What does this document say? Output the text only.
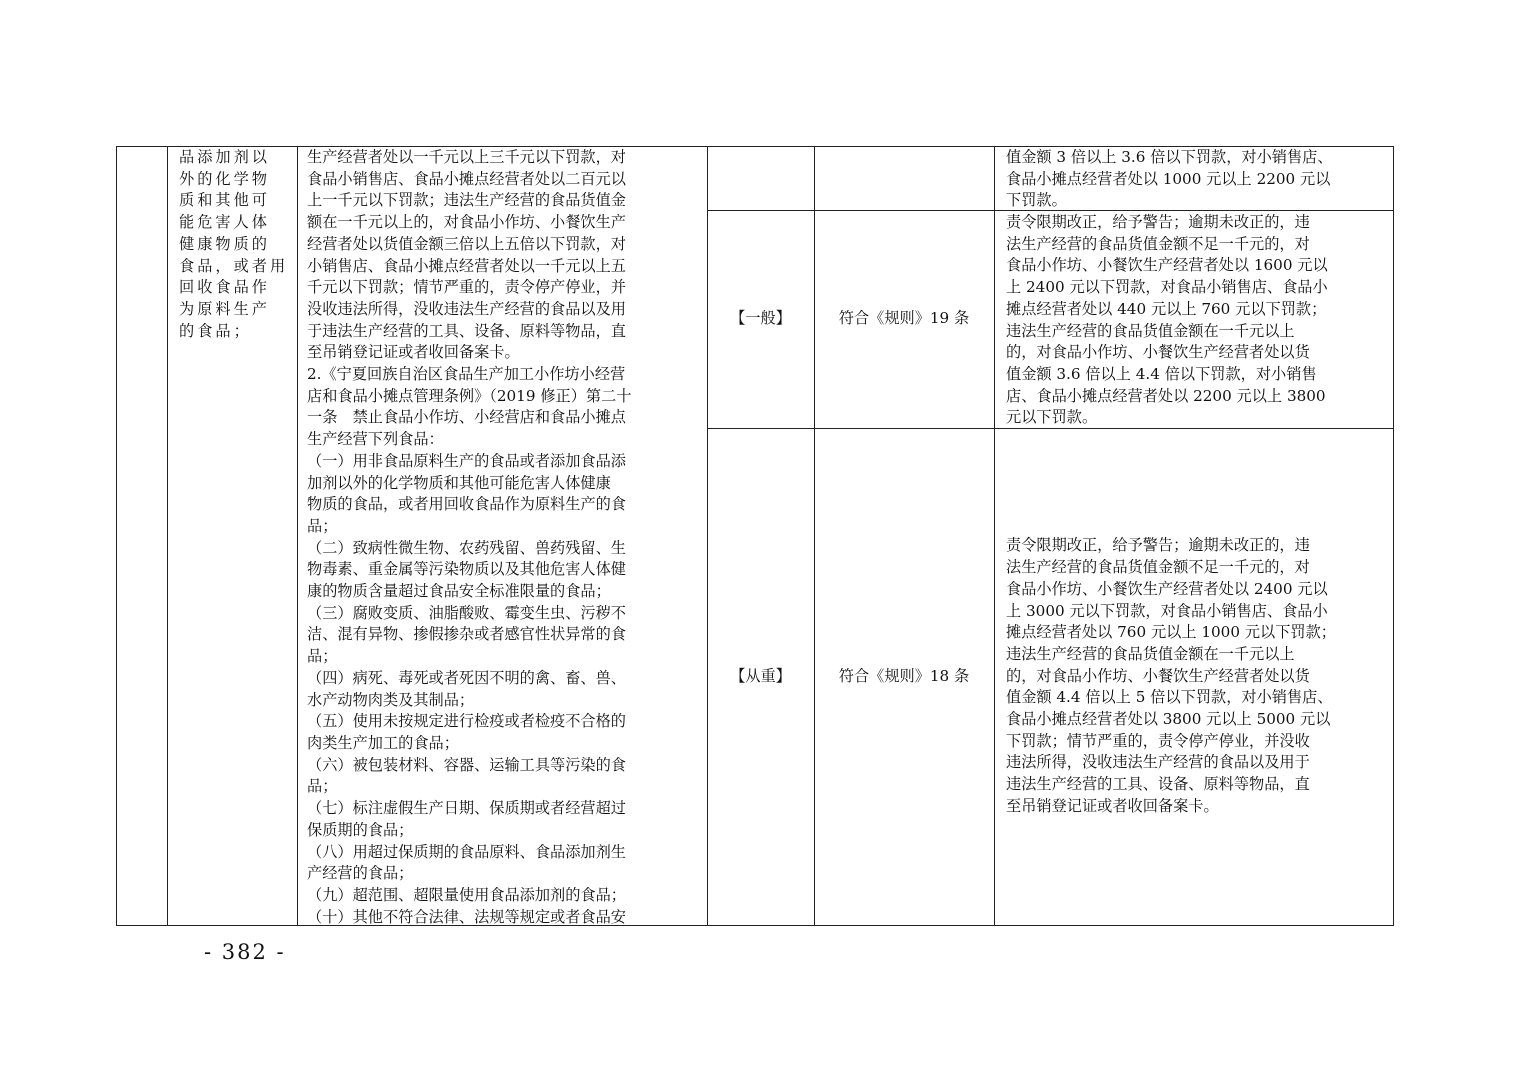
品添加剂以
外的化学物
质和其他可
能危害人体
健康物质的
食品，或者用
回收食品作
为原料生产
的食品；
生产经营者处以一千元以上三千元以下罚款，对
食品小销售店、食品小摊点经营者处以二百元以
上一千元以下罚款；违法生产经营的食品货值金
额在一千元以上的，对食品小作坊、小餐饮生产
经营者处以货值金额三倍以上五倍以下罚款，对
小销售店、食品小摊点经营者处以一千元以上五
千元以下罚款；情节严重的，责令停产停业，并
没收违法所得，没收违法生产经营的食品以及用
于违法生产经营的工具、设备、原料等物品，直
至吊销登记证或者收回备案卡。
2.《宁夏回族自治区食品生产加工小作坊小经营
店和食品小摊点管理条例》（2019 修正）第二十
一条　禁止食品小作坊、小经营店和食品小摊点
生产经营下列食品：
（一）用非食品原料生产的食品或者添加食品添
加剂以外的化学物质和其他可能危害人体健康
物质的食品，或者用回收食品作为原料生产的食
品；
（二）致病性微生物、农药残留、兽药残留、生
物毒素、重金属等污染物质以及其他危害人体健
康的物质含量超过食品安全标准限量的食品；
（三）腐败变质、油脂酸败、霉变生虫、污秽不
洁、混有异物、掺假掺杂或者感官性状异常的食
品；
（四）病死、毒死或者死因不明的禽、畜、兽、
水产动物肉类及其制品；
（五）使用未按规定进行检疫或者检疫不合格的
肉类生产加工的食品；
（六）被包装材料、容器、运输工具等污染的食
品；
（七）标注虚假生产日期、保质期或者经营超过
保质期的食品；
（八）用超过保质期的食品原料、食品添加剂生
产经营的食品；
（九）超范围、超限量使用食品添加剂的食品；
（十）其他不符合法律、法规等规定或者食品安
值金额 3 倍以上 3.6 倍以下罚款，对小销售店、
食品小摊点经营者处以 1000 元以上 2200 元以
下罚款。
【一般】	符合《规则》19 条
责令限期改正，给予警告；逾期未改正的，违
法生产经营的食品货值金额不足一千元的，对
食品小作坊、小餐饮生产经营者处以 1600 元以
上 2400 元以下罚款，对食品小销售店、食品小
摊点经营者处以 440 元以上 760 元以下罚款；
违法生产经营的食品货值金额在一千元以上
的，对食品小作坊、小餐饮生产经营者处以货
值金额 3.6 倍以上 4.4 倍以下罚款，对小销售
店、食品小摊点经营者处以 2200 元以上 3800
元以下罚款。
【从重】	符合《规则》18 条
责令限期改正，给予警告；逾期未改正的，违
法生产经营的食品货值金额不足一千元的，对
食品小作坊、小餐饮生产经营者处以 2400 元以
上 3000 元以下罚款，对食品小销售店、食品小
摊点经营者处以 760 元以上 1000 元以下罚款；
违法生产经营的食品货值金额在一千元以上
的，对食品小作坊、小餐饮生产经营者处以货
值金额 4.4 倍以上 5 倍以下罚款，对小销售店、
食品小摊点经营者处以 3800 元以上 5000 元以
下罚款；情节严重的，责令停产停业，并没收
违法所得，没收违法生产经营的食品以及用于
违法生产经营的工具、设备、原料等物品，直
至吊销登记证或者收回备案卡。
- 382 -
